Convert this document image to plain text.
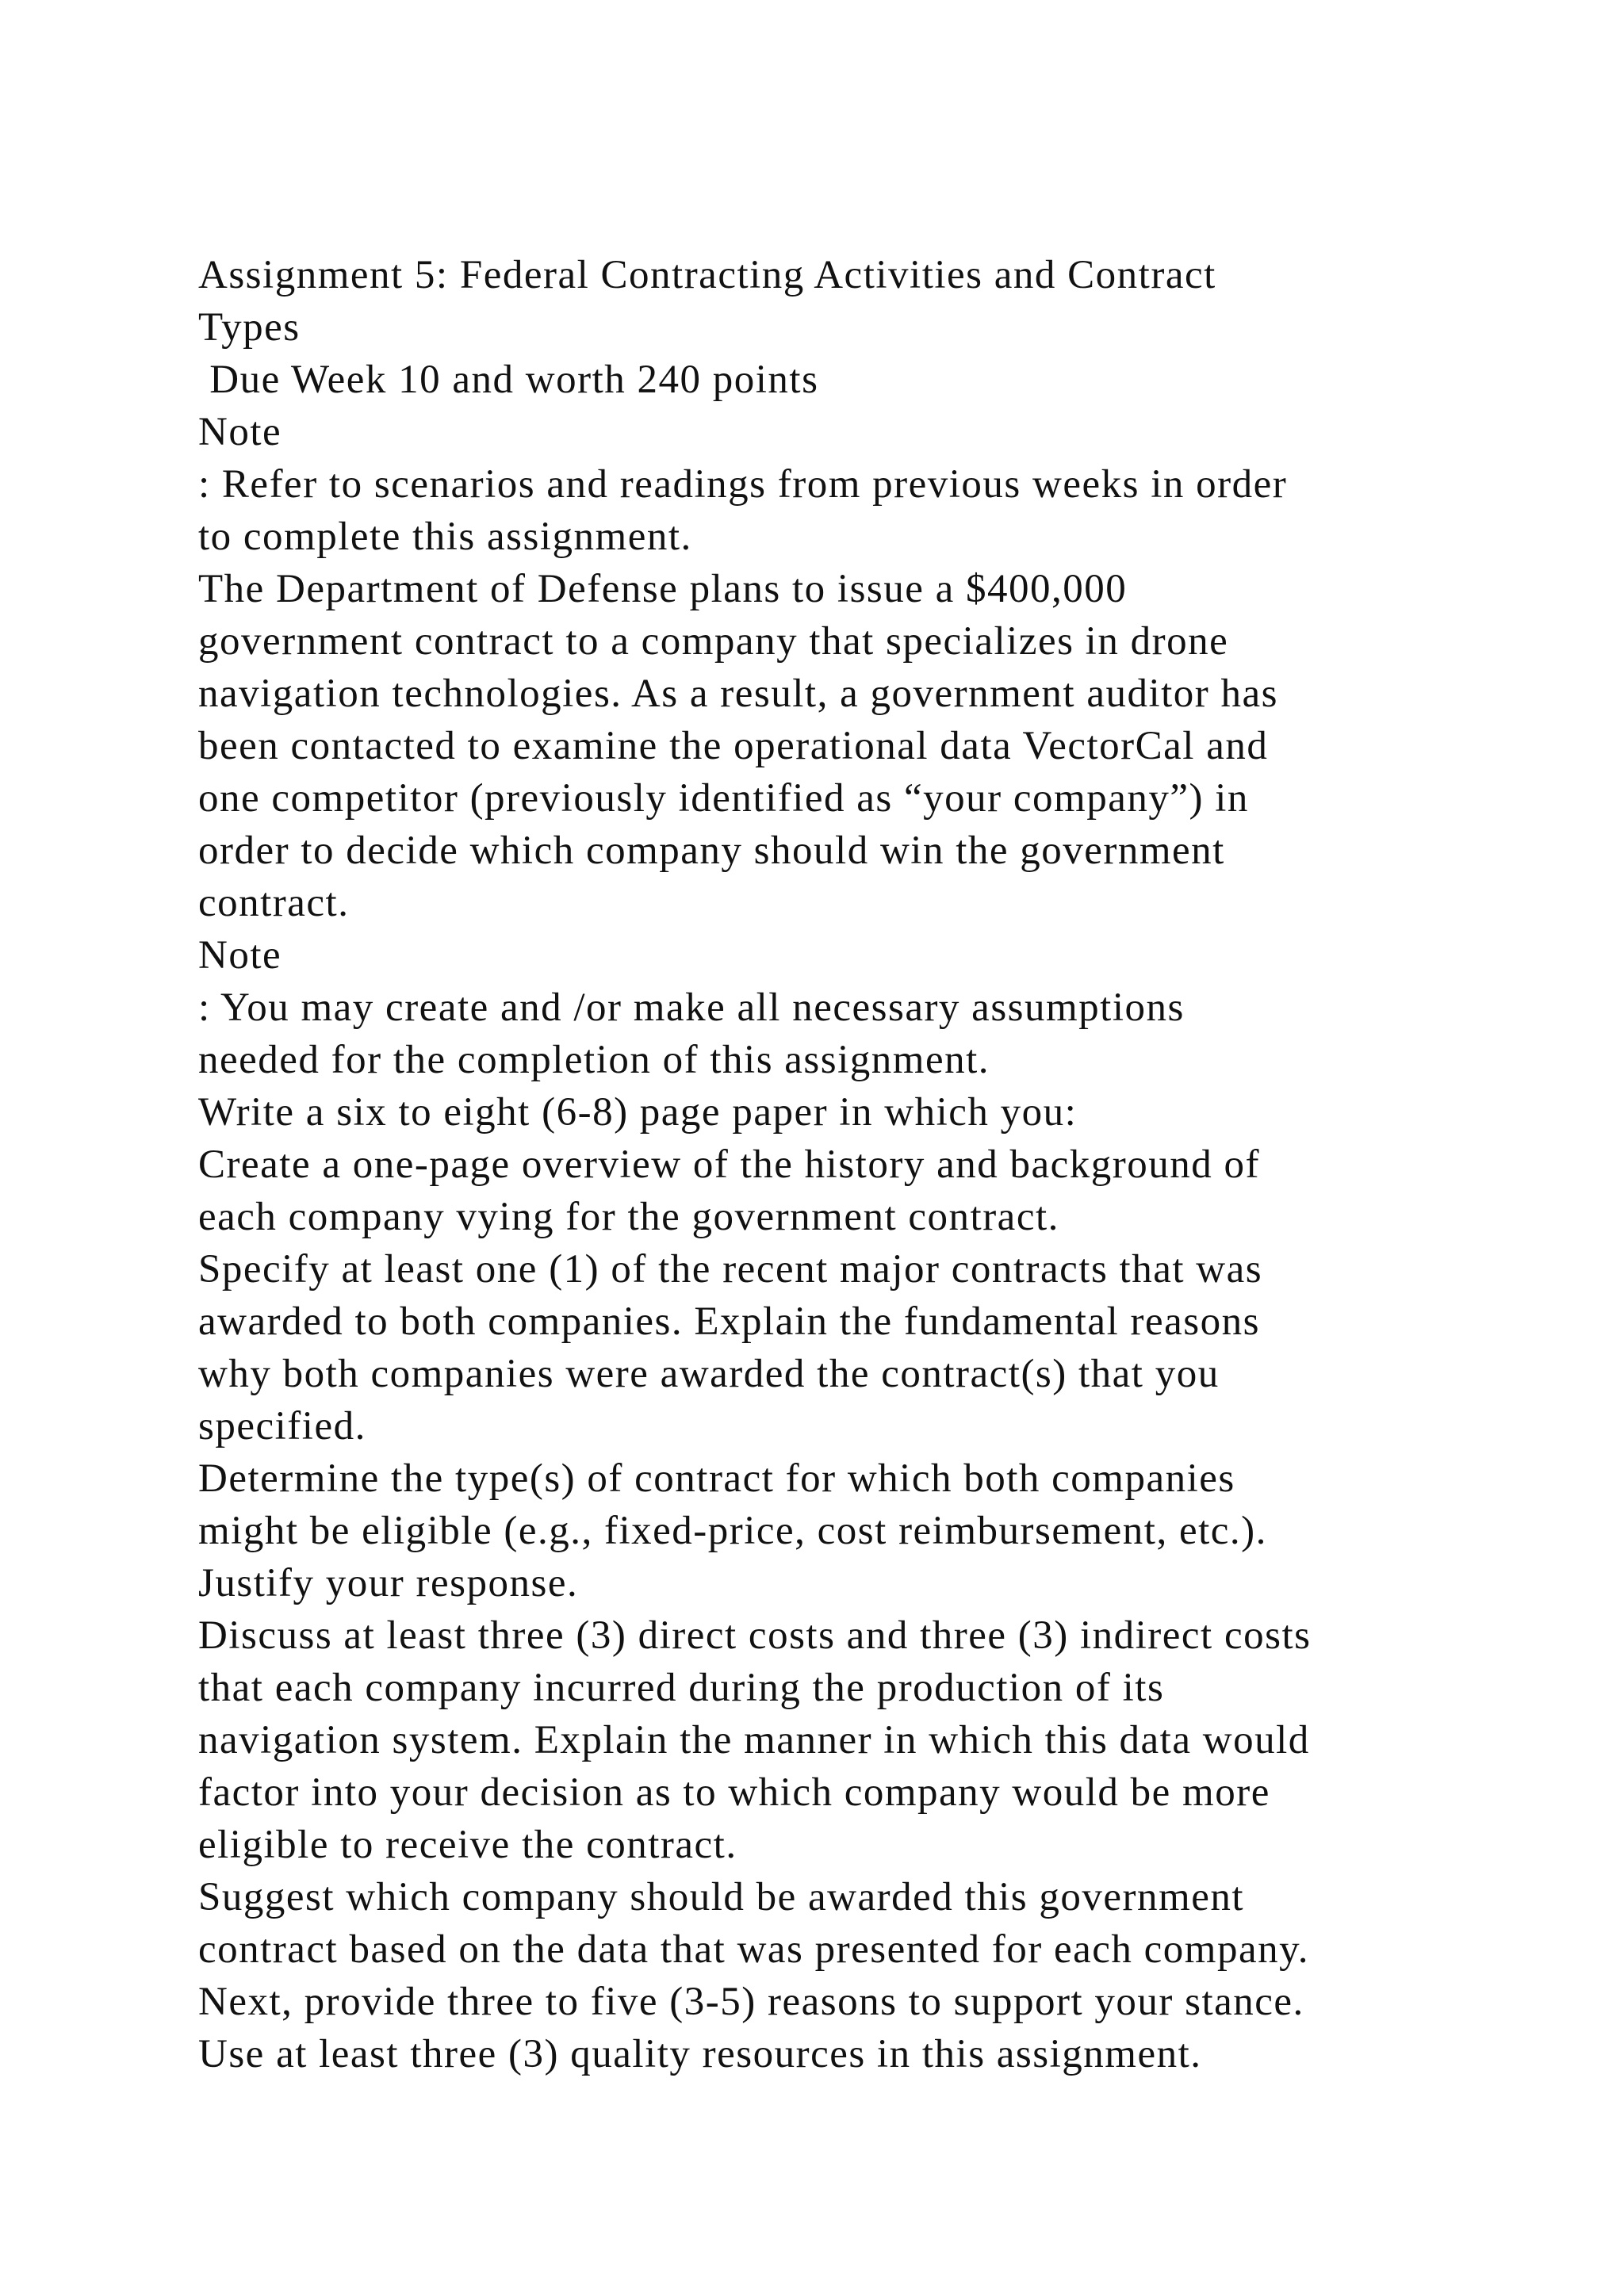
Assignment 5: Federal Contracting Activities and Contract
Types
Due Week 10 and worth 240 points
Note
: Refer to scenarios and readings from previous weeks in order
to complete this assignment.
The Department of Defense plans to issue a $400,000
government contract to a company that specializes in drone
navigation technologies. As a result, a government auditor has
been contacted to examine the operational data VectorCal and
one competitor (previously identified as “your company”) in
order to decide which company should win the government
contract.
Note
: You may create and /or make all necessary assumptions
needed for the completion of this assignment.
Write a six to eight (6-8) page paper in which you:
Create a one-page overview of the history and background of
each company vying for the government contract.
Specify at least one (1) of the recent major contracts that was
awarded to both companies. Explain the fundamental reasons
why both companies were awarded the contract(s) that you
specified.
Determine the type(s) of contract for which both companies
might be eligible (e.g., fixed-price, cost reimbursement, etc.).
Justify your response.
Discuss at least three (3) direct costs and three (3) indirect costs
that each company incurred during the production of its
navigation system. Explain the manner in which this data would
factor into your decision as to which company would be more
eligible to receive the contract.
Suggest which company should be awarded this government
contract based on the data that was presented for each company.
Next, provide three to five (3-5) reasons to support your stance.
Use at least three (3) quality resources in this assignment.
